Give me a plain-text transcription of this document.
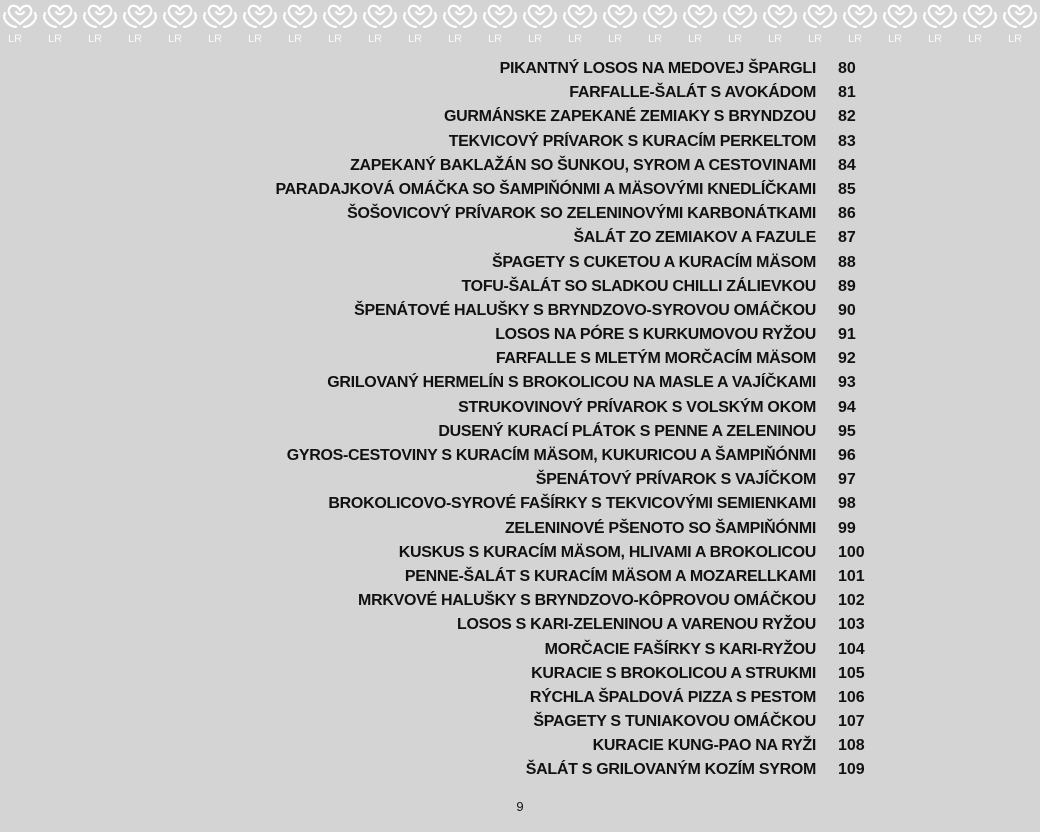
LR LR LR LR LR LR LR LR LR LR LR LR LR LR LR LR LR LR LR LR LR LR LR LR LR LR
PIKANTNÝ LOSOS NA MEDOVEJ ŠPARGLI 80
FARFALLE-ŠALÁT S AVOKÁDOM 81
GURMÁNSKE ZAPEKANÉ ZEMIAKY S BRYNDZOU 82
TEKVICOVÝ PRÍVAROK S KURACÍM PERKELTOM 83
ZAPEKANÝ BAKLAŽÁN SO ŠUNKOU, SYROM A CESTOVINAMI 84
PARADAJKOVÁ OMÁČKA SO ŠAMPIŇÓNMI A MÄSOVÝMI KNEDLÍČKAMI 85
ŠOŠOVICOVÝ PRÍVAROK SO ZELENINOVÝMI KARBONÁTKAMI 86
ŠALÁT ZO ZEMIAKOV A FAZULE 87
ŠPAGETY S CUKETOU A KURACÍM MÄSOM 88
TOFU-ŠALÁT SO SLADKOU CHILLI ZÁLIEVKOU 89
ŠPENÁTOVÉ HALUŠKY S BRYNDZOVO-SYROVOU OMÁČKOU 90
LOSOS NA PÓRE S KURKUMOVOU RYŽOU 91
FARFALLE S MLETÝM MORČACÍM MÄSOM 92
GRILOVANÝ HERMELÍN S BROKOLICOU NA MASLE A VAJÍČKAMI 93
STRUKOVINOVÝ PRÍVAROK S VOLSKÝM OKOM 94
DUSENÝ KURACÍ PLÁTOK S PENNE A ZELENINOU 95
GYROS-CESTOVINY S KURACÍM MÄSOM, KUKURICOU A ŠAMPIŇÓNMI 96
ŠPENÁTOVÝ PRÍVAROK S VAJÍČKOM 97
BROKOLICOVO-SYROVÉ FAŠÍRKY S TEKVICOVÝMI SEMIENKAMI 98
ZELENINOVÉ PŠENOTO SO ŠAMPIŇÓNMI 99
KUSKUS S KURACÍM MÄSOM, HLIVAMI A BROKOLICOU 100
PENNE-ŠALÁT S KURACÍM MÄSOM A MOZARELLKAMI 101
MRKVOVÉ HALUŠKY S BRYNDZOVO-KÔPROVOU OMÁČKOU 102
LOSOS S KARI-ZELENINOU A VARENOU RYŽOU 103
MORČACIE FAŠÍRKY S KARI-RYŽOU 104
KURACIE S BROKOLICOU A STRUKMI 105
RÝCHLA ŠPALDOVÁ PIZZA S PESTOM 106
ŠPAGETY S TUNIAKOVOU OMÁČKOU 107
KURACIE KUNG-PAO NA RYŽI 108
ŠALÁT S GRILOVANÝM KOZÍM SYROM 109
9
